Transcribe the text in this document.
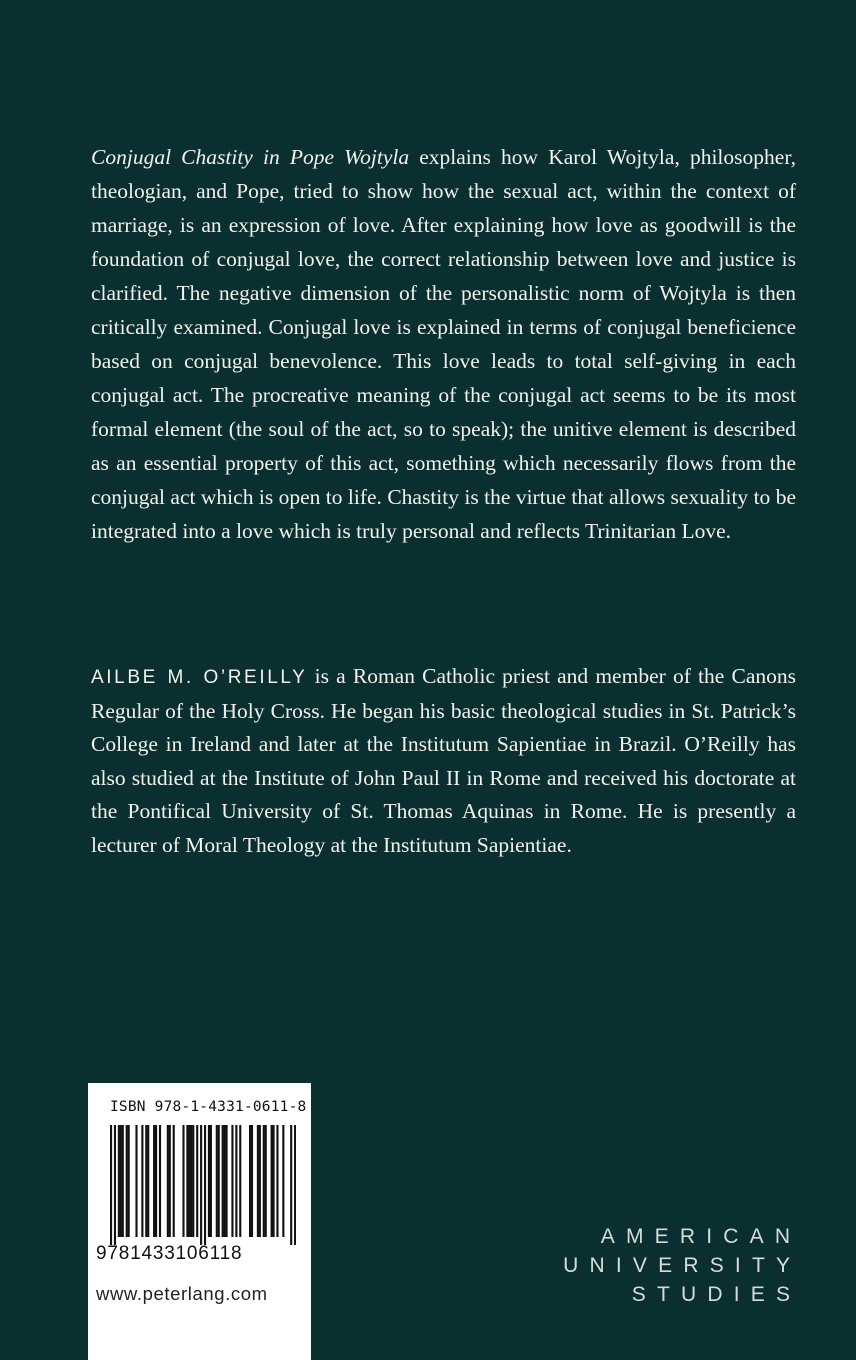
Conjugal Chastity in Pope Wojtyla explains how Karol Wojtyla, philosopher, theologian, and Pope, tried to show how the sexual act, within the context of marriage, is an expression of love. After explaining how love as goodwill is the foundation of conjugal love, the correct relationship between love and justice is clarified. The negative dimension of the personalistic norm of Wojtyla is then critically examined. Conjugal love is explained in terms of conjugal beneficience based on conjugal benevolence. This love leads to total self-giving in each conjugal act. The procreative meaning of the conjugal act seems to be its most formal element (the soul of the act, so to speak); the unitive element is described as an essential property of this act, something which necessarily flows from the conjugal act which is open to life. Chastity is the virtue that allows sexuality to be integrated into a love which is truly personal and reflects Trinitarian Love.

AILBE M. O’REILLY is a Roman Catholic priest and member of the Canons Regular of the Holy Cross. He began his basic theological studies in St. Patrick’s College in Ireland and later at the Institutum Sapientiae in Brazil. O’Reilly has also studied at the Institute of John Paul II in Rome and received his doctorate at the Pontifical University of St. Thomas Aquinas in Rome. He is presently a lecturer of Moral Theology at the Institutum Sapientiae.

ISBN 978-1-4331-0611-8
9781433106118
www.peterlang.com
AMERICAN
UNIVERSITY
STUDIES
